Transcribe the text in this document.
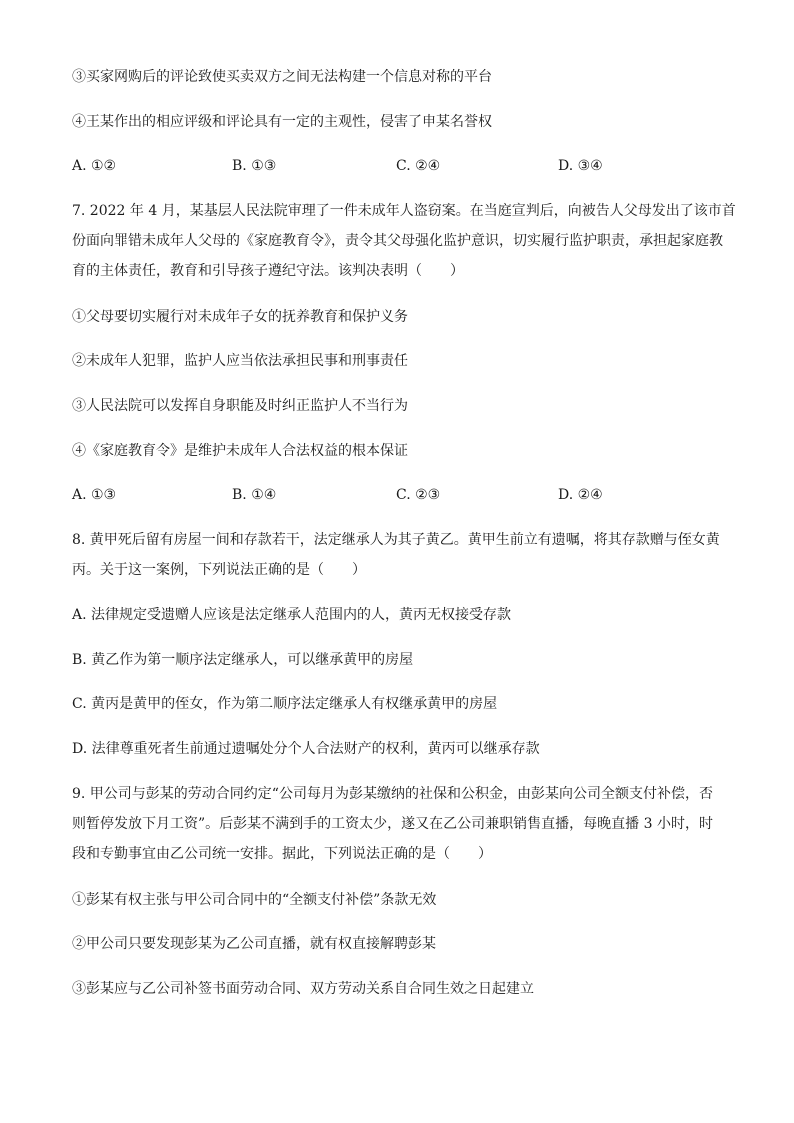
③买家网购后的评论致使买卖双方之间无法构建一个信息对称的平台
④王某作出的相应评级和评论具有一定的主观性，侵害了申某名誉权
A. ①②	B. ①③	C. ②④	D. ③④
7. 2022 年 4 月，某基层人民法院审理了一件未成年人盗窃案。在当庭宣判后，向被告人父母发出了该市首
份面向罪错未成年人父母的《家庭教育令》，责令其父母强化监护意识，切实履行监护职责，承担起家庭教
育的主体责任，教育和引导孩子遵纪守法。该判决表明（　　）
①父母要切实履行对未成年子女的抚养教育和保护义务
②未成年人犯罪，监护人应当依法承担民事和刑事责任
③人民法院可以发挥自身职能及时纠正监护人不当行为
④《家庭教育令》是维护未成年人合法权益的根本保证
A. ①③	B. ①④	C. ②③	D. ②④
8. 黄甲死后留有房屋一间和存款若干，法定继承人为其子黄乙。黄甲生前立有遗嘱，将其存款赠与侄女黄
丙。关于这一案例，下列说法正确的是（　　）
A. 法律规定受遗赠人应该是法定继承人范围内的人，黄丙无权接受存款
B. 黄乙作为第一顺序法定继承人，可以继承黄甲的房屋
C. 黄丙是黄甲的侄女，作为第二顺序法定继承人有权继承黄甲的房屋
D. 法律尊重死者生前通过遗嘱处分个人合法财产的权利，黄丙可以继承存款
9. 甲公司与彭某的劳动合同约定“公司每月为彭某缴纳的社保和公积金，由彭某向公司全额支付补偿，否
则暂停发放下月工资”。后彭某不满到手的工资太少，遂又在乙公司兼职销售直播，每晚直播 3 小时，时
段和专勤事宜由乙公司统一安排。据此，下列说法正确的是（　　）
①彭某有权主张与甲公司合同中的“全额支付补偿”条款无效
②甲公司只要发现彭某为乙公司直播，就有权直接解聘彭某
③彭某应与乙公司补签书面劳动合同、双方劳动关系自合同生效之日起建立
